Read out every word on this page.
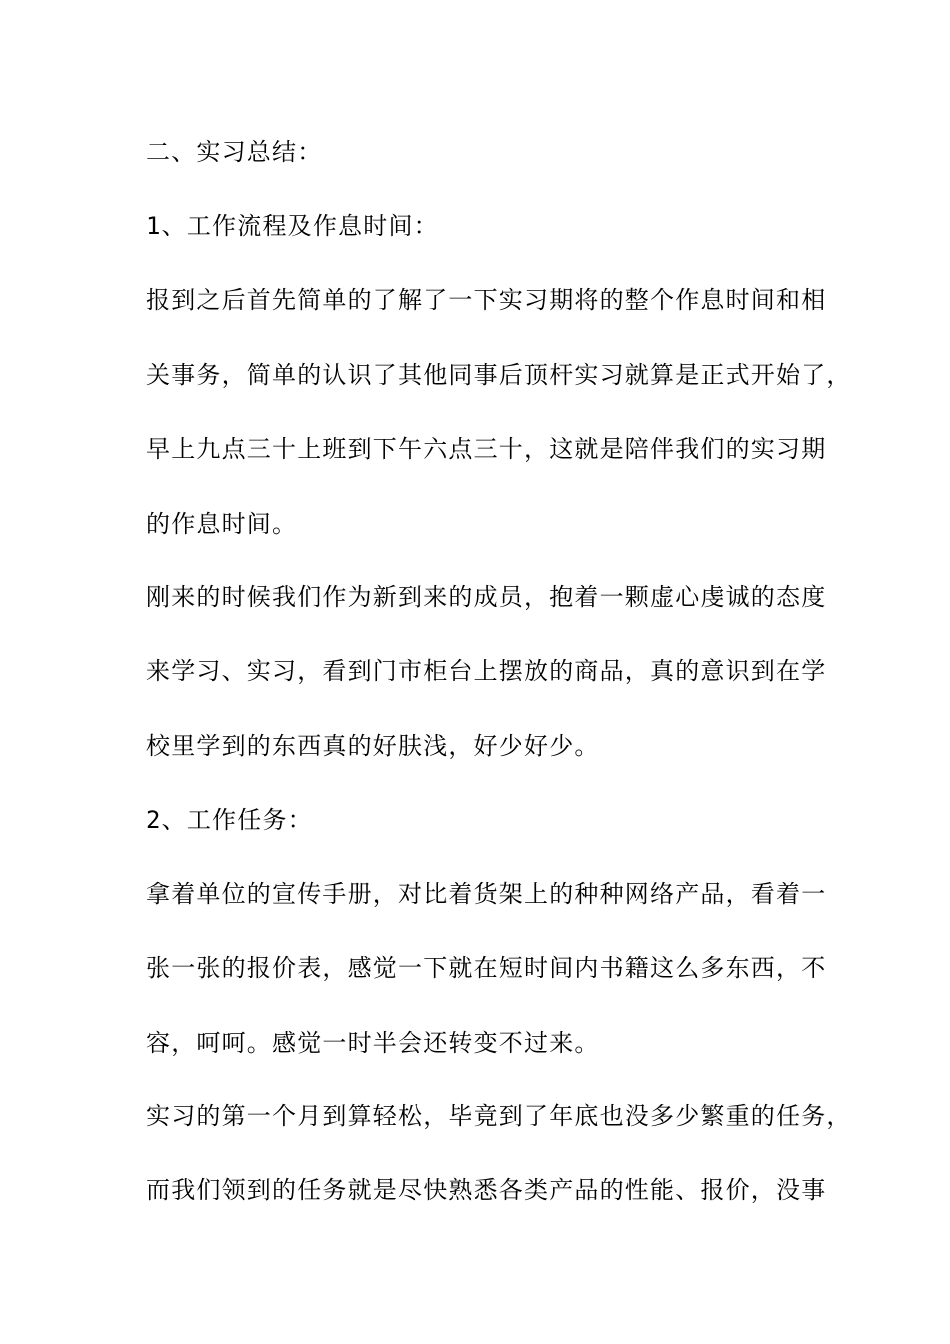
二、实习总结：
1、工作流程及作息时间：
报到之后首先简单的了解了一下实习期将的整个作息时间和相
关事务，简单的认识了其他同事后顶杆实习就算是正式开始了，
早上九点三十上班到下午六点三十，这就是陪伴我们的实习期
的作息时间。
刚来的时候我们作为新到来的成员，抱着一颗虚心虔诚的态度
来学习、实习，看到门市柜台上摆放的商品，真的意识到在学
校里学到的东西真的好肤浅，好少好少。
2、工作任务：
拿着单位的宣传手册，对比着货架上的种种网络产品，看着一
张一张的报价表，感觉一下就在短时间内书籍这么多东西，不
容，呵呵。感觉一时半会还转变不过来。
实习的第一个月到算轻松，毕竟到了年底也没多少繁重的任务，
而我们领到的任务就是尽快熟悉各类产品的性能、报价，没事
